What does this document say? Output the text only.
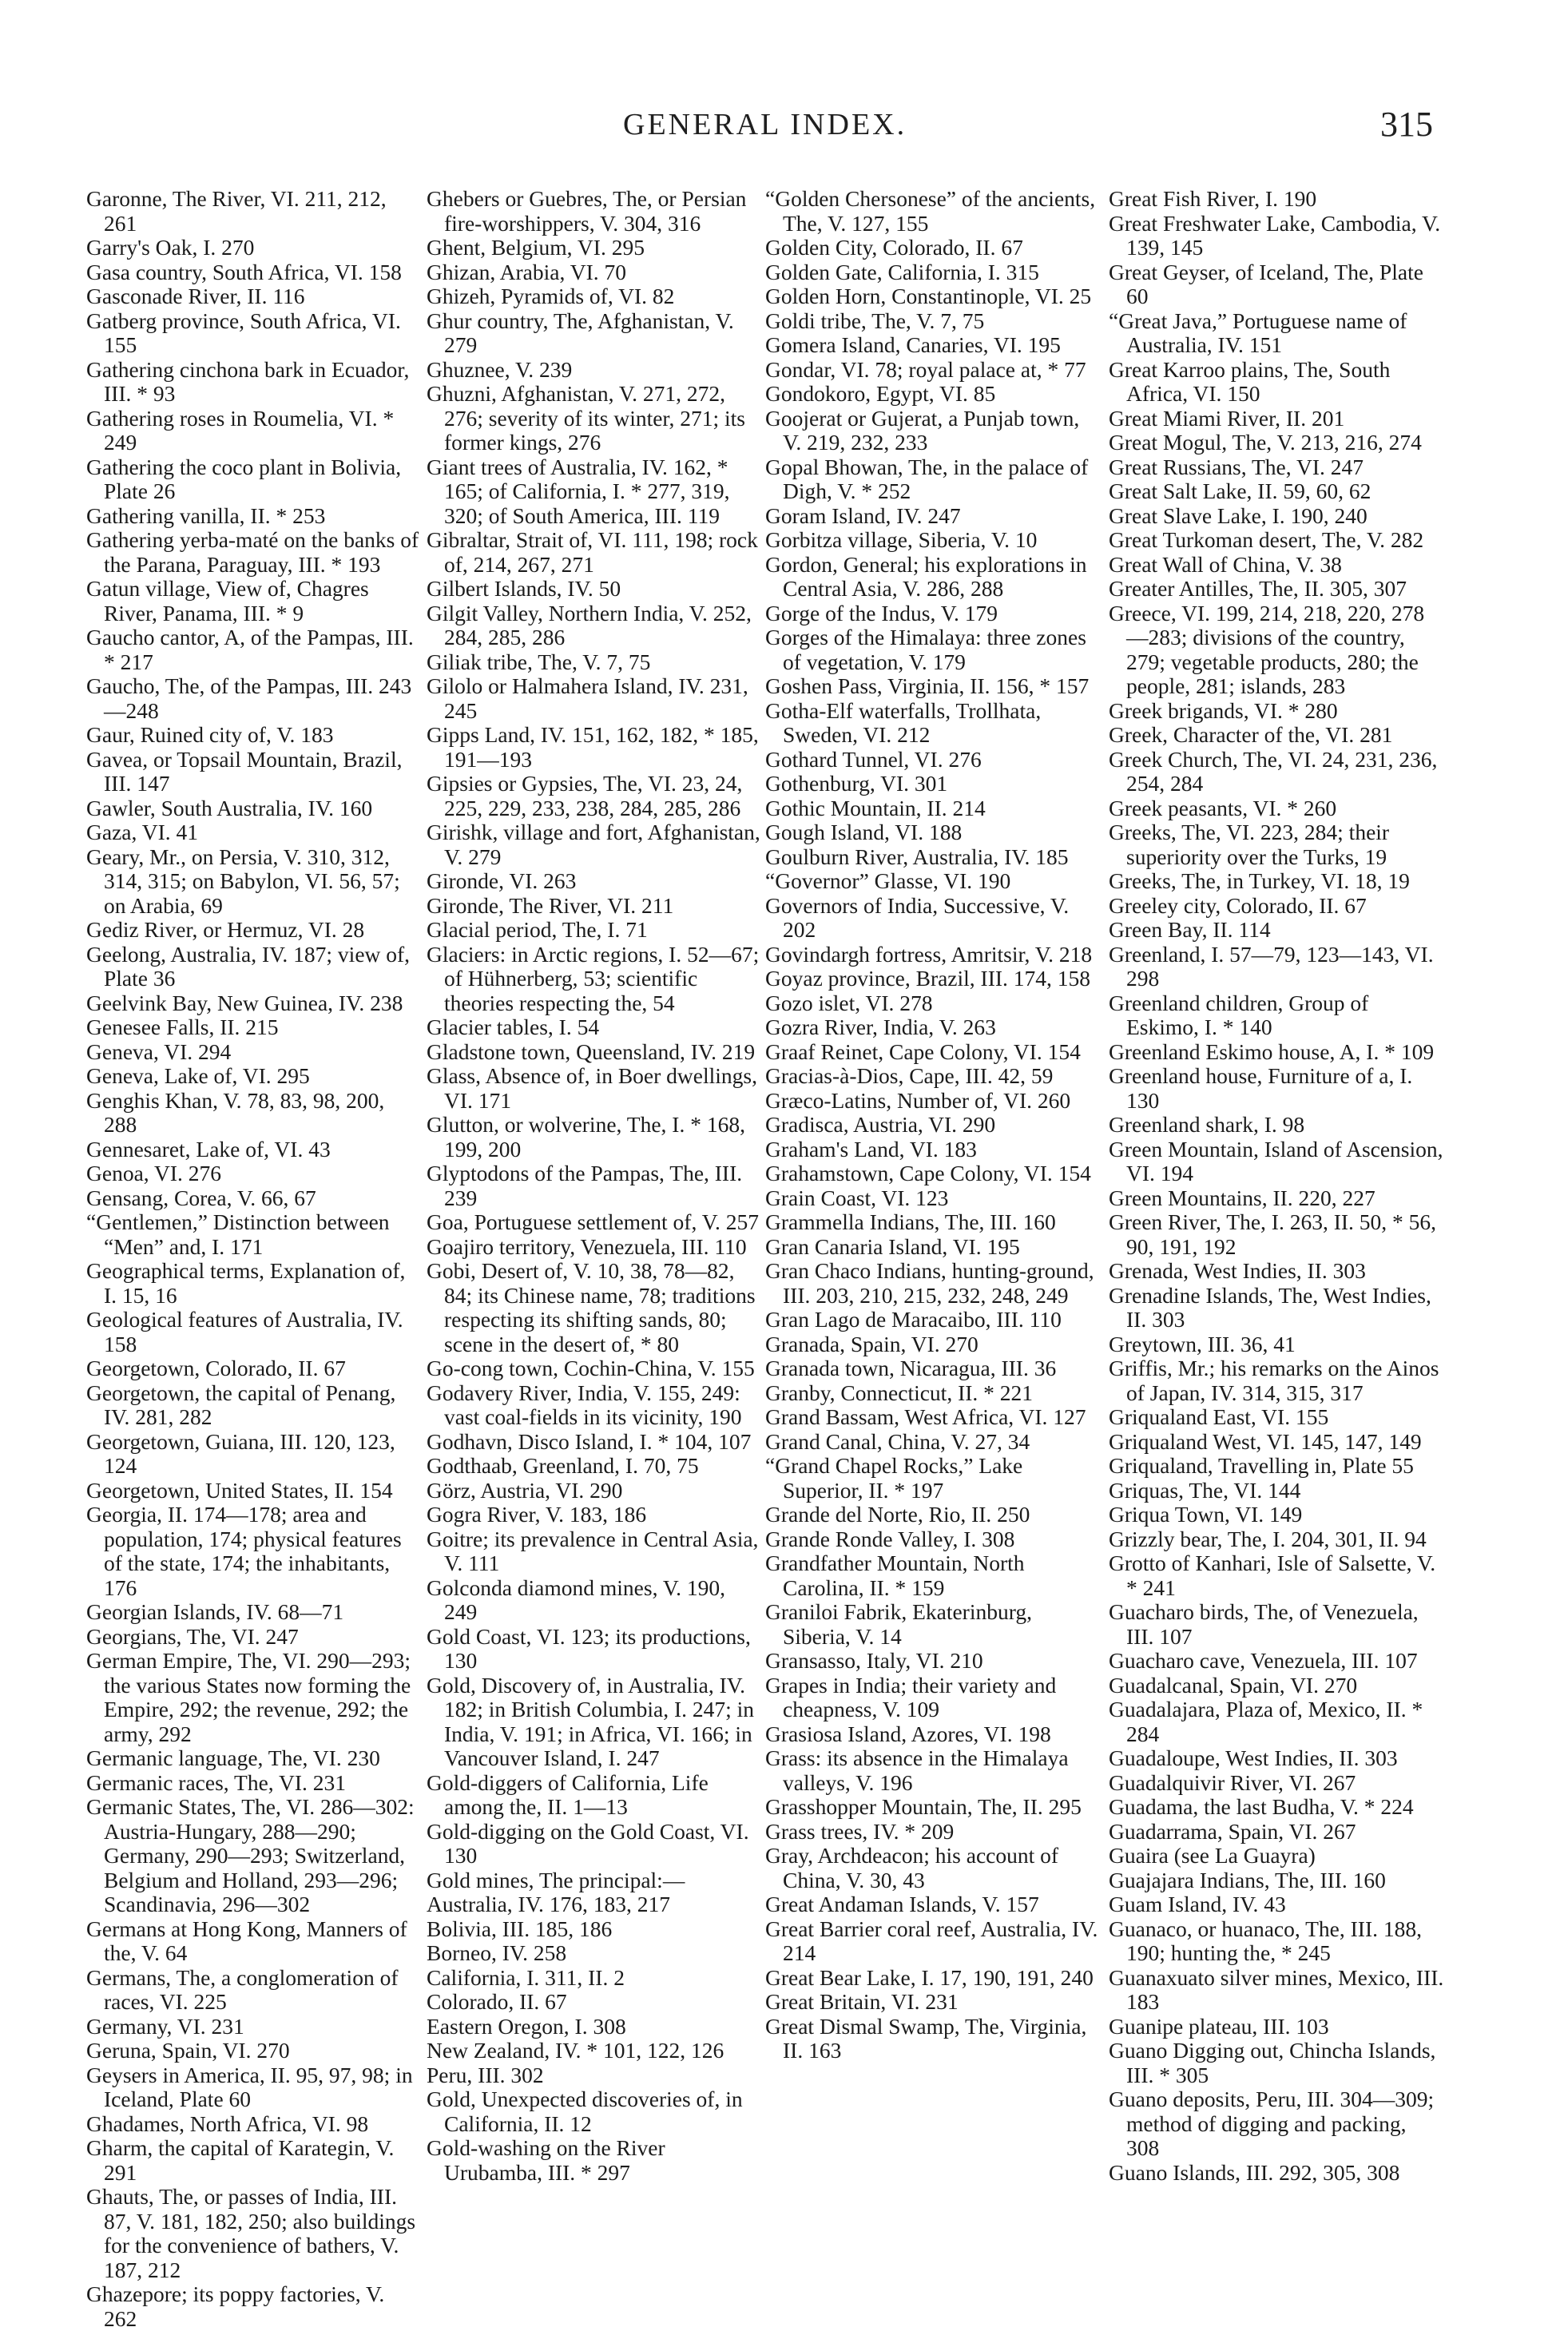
GENERAL INDEX.	315

Garonne, The River, VI. 211, 212, 261

Garry's Oak, I. 270

Gasa country, South Africa, VI. 158

Gasconade River, II. 116

Gatberg province, South Africa, VI. 155

Gathering cinchona bark in Ecuador, III. * 93

Gathering roses in Roumelia, VI. * 249

Gathering the coco plant in Bolivia, Plate 26

Gathering vanilla, II. * 253

Gathering yerba-maté on the banks of the Parana, Paraguay, III. * 193

Gatun village, View of, Chagres River, Panama, III. * 9

Gaucho cantor, A, of the Pampas, III. * 217

Gaucho, The, of the Pampas, III. 243—248

Gaur, Ruined city of, V. 183

Gavea, or Topsail Mountain, Brazil, III. 147

Gawler, South Australia, IV. 160

Gaza, VI. 41

Geary, Mr., on Persia, V. 310, 312, 314, 315; on Babylon, VI. 56, 57; on Arabia, 69

Gediz River, or Hermuz, VI. 28

Geelong, Australia, IV. 187; view of, Plate 36

Geelvink Bay, New Guinea, IV. 238

Genesee Falls, II. 215

Geneva, VI. 294

Geneva, Lake of, VI. 295

Genghis Khan, V. 78, 83, 98, 200, 288

Gennesaret, Lake of, VI. 43

Genoa, VI. 276

Gensang, Corea, V. 66, 67

“Gentlemen,” Distinction between “Men” and, I. 171

Geographical terms, Explanation of, I. 15, 16

Geological features of Australia, IV. 158

Georgetown, Colorado, II. 67

Georgetown, the capital of Penang, IV. 281, 282

Georgetown, Guiana, III. 120, 123, 124

Georgetown, United States, II. 154

Georgia, II. 174—178; area and population, 174; physical features of the state, 174; the inhabitants, 176

Georgian Islands, IV. 68—71

Georgians, The, VI. 247

German Empire, The, VI. 290—293; the various States now forming the Empire, 292; the revenue, 292; the army, 292

Germanic language, The, VI. 230

Germanic races, The, VI. 231

Germanic States, The, VI. 286—302: Austria-Hungary, 288—290; Germany, 290—293; Switzerland, Belgium and Holland, 293—296; Scandinavia, 296—302

Germans at Hong Kong, Manners of the, V. 64

Germans, The, a conglomeration of races, VI. 225

Germany, VI. 231

Geruna, Spain, VI. 270

Geysers in America, II. 95, 97, 98; in Iceland, Plate 60

Ghadames, North Africa, VI. 98

Gharm, the capital of Karategin, V. 291

Ghauts, The, or passes of India, III. 87, V. 181, 182, 250; also buildings for the convenience of bathers, V. 187, 212

Ghazepore; its poppy factories, V. 262

Ghebers or Guebres, The, or Persian fire-worshippers, V. 304, 316

Ghent, Belgium, VI. 295

Ghizan, Arabia, VI. 70

Ghizeh, Pyramids of, VI. 82

Ghur country, The, Afghanistan, V. 279

Ghuznee, V. 239

Ghuzni, Afghanistan, V. 271, 272, 276; severity of its winter, 271; its former kings, 276

Giant trees of Australia, IV. 162, * 165; of California, I. * 277, 319, 320; of South America, III. 119

Gibraltar, Strait of, VI. 111, 198; rock of, 214, 267, 271

Gilbert Islands, IV. 50

Gilgit Valley, Northern India, V. 252, 284, 285, 286

Giliak tribe, The, V. 7, 75

Gilolo or Halmahera Island, IV. 231, 245

Gipps Land, IV. 151, 162, 182, * 185, 191—193

Gipsies or Gypsies, The, VI. 23, 24, 225, 229, 233, 238, 284, 285, 286

Girishk, village and fort, Afghanistan, V. 279

Gironde, VI. 263

Gironde, The River, VI. 211

Glacial period, The, I. 71

Glaciers: in Arctic regions, I. 52—67; of Hühnerberg, 53; scientific theories respecting the, 54

Glacier tables, I. 54

Gladstone town, Queensland, IV. 219

Glass, Absence of, in Boer dwellings, VI. 171

Glutton, or wolverine, The, I. * 168, 199, 200

Glyptodons of the Pampas, The, III. 239

Goa, Portuguese settlement of, V. 257

Goajiro territory, Venezuela, III. 110

Gobi, Desert of, V. 10, 38, 78—82, 84; its Chinese name, 78; traditions respecting its shifting sands, 80; scene in the desert of, * 80

Go-cong town, Cochin-China, V. 155

Godavery River, India, V. 155, 249: vast coal-fields in its vicinity, 190

Godhavn, Disco Island, I. * 104, 107

Godthaab, Greenland, I. 70, 75

Görz, Austria, VI. 290

Gogra River, V. 183, 186

Goitre; its prevalence in Central Asia, V. 111

Golconda diamond mines, V. 190, 249

Gold Coast, VI. 123; its productions, 130

Gold, Discovery of, in Australia, IV. 182; in British Columbia, I. 247; in India, V. 191; in Africa, VI. 166; in Vancouver Island, I. 247

Gold-diggers of California, Life among the, II. 1—13

Gold-digging on the Gold Coast, VI. 130

Gold mines, The principal:—

Australia, IV. 176, 183, 217

Bolivia, III. 185, 186

Borneo, IV. 258

California, I. 311, II. 2

Colorado, II. 67

Eastern Oregon, I. 308

New Zealand, IV. * 101, 122, 126

Peru, III. 302

Gold, Unexpected discoveries of, in California, II. 12

Gold-washing on the River Urubamba, III. * 297

“Golden Chersonese” of the ancients, The, V. 127, 155

Golden City, Colorado, II. 67

Golden Gate, California, I. 315

Golden Horn, Constantinople, VI. 25

Goldi tribe, The, V. 7, 75

Gomera Island, Canaries, VI. 195

Gondar, VI. 78; royal palace at, * 77

Gondokoro, Egypt, VI. 85

Goojerat or Gujerat, a Punjab town, V. 219, 232, 233

Gopal Bhowan, The, in the palace of Digh, V. * 252

Goram Island, IV. 247

Gorbitza village, Siberia, V. 10

Gordon, General; his explorations in Central Asia, V. 286, 288

Gorge of the Indus, V. 179

Gorges of the Himalaya: three zones of vegetation, V. 179

Goshen Pass, Virginia, II. 156, * 157

Gotha-Elf waterfalls, Trollhata, Sweden, VI. 212

Gothard Tunnel, VI. 276

Gothenburg, VI. 301

Gothic Mountain, II. 214

Gough Island, VI. 188

Goulburn River, Australia, IV. 185

“Governor” Glasse, VI. 190

Governors of India, Successive, V. 202

Govindargh fortress, Amritsir, V. 218

Goyaz province, Brazil, III. 174, 158

Gozo islet, VI. 278

Gozra River, India, V. 263

Graaf Reinet, Cape Colony, VI. 154

Gracias-à-Dios, Cape, III. 42, 59

Græco-Latins, Number of, VI. 260

Gradisca, Austria, VI. 290

Graham's Land, VI. 183

Grahamstown, Cape Colony, VI. 154

Grain Coast, VI. 123

Grammella Indians, The, III. 160

Gran Canaria Island, VI. 195

Gran Chaco Indians, hunting-ground, III. 203, 210, 215, 232, 248, 249

Gran Lago de Maracaibo, III. 110

Granada, Spain, VI. 270

Granada town, Nicaragua, III. 36

Granby, Connecticut, II. * 221

Grand Bassam, West Africa, VI. 127

Grand Canal, China, V. 27, 34

“Grand Chapel Rocks,” Lake Superior, II. * 197

Grande del Norte, Rio, II. 250

Grande Ronde Valley, I. 308

Grandfather Mountain, North Carolina, II. * 159

Graniloi Fabrik, Ekaterinburg, Siberia, V. 14

Gransasso, Italy, VI. 210

Grapes in India; their variety and cheapness, V. 109

Grasiosa Island, Azores, VI. 198

Grass: its absence in the Himalaya valleys, V. 196

Grasshopper Mountain, The, II. 295

Grass trees, IV. * 209

Gray, Archdeacon; his account of China, V. 30, 43

Great Andaman Islands, V. 157

Great Barrier coral reef, Australia, IV. 214

Great Bear Lake, I. 17, 190, 191, 240

Great Britain, VI. 231

Great Dismal Swamp, The, Virginia, II. 163

Great Fish River, I. 190

Great Freshwater Lake, Cambodia, V. 139, 145

Great Geyser, of Iceland, The, Plate 60

“Great Java,” Portuguese name of Australia, IV. 151

Great Karroo plains, The, South Africa, VI. 150

Great Miami River, II. 201

Great Mogul, The, V. 213, 216, 274

Great Russians, The, VI. 247

Great Salt Lake, II. 59, 60, 62

Great Slave Lake, I. 190, 240

Great Turkoman desert, The, V. 282

Great Wall of China, V. 38

Greater Antilles, The, II. 305, 307

Greece, VI. 199, 214, 218, 220, 278—283; divisions of the country, 279; vegetable products, 280; the people, 281; islands, 283

Greek brigands, VI. * 280

Greek, Character of the, VI. 281

Greek Church, The, VI. 24, 231, 236, 254, 284

Greek peasants, VI. * 260

Greeks, The, VI. 223, 284; their superiority over the Turks, 19

Greeks, The, in Turkey, VI. 18, 19

Greeley city, Colorado, II. 67

Green Bay, II. 114

Greenland, I. 57—79, 123—143, VI. 298

Greenland children, Group of Eskimo, I. * 140

Greenland Eskimo house, A, I. * 109

Greenland house, Furniture of a, I. 130

Greenland shark, I. 98

Green Mountain, Island of Ascension, VI. 194

Green Mountains, II. 220, 227

Green River, The, I. 263, II. 50, * 56, 90, 191, 192

Grenada, West Indies, II. 303

Grenadine Islands, The, West Indies, II. 303

Greytown, III. 36, 41

Griffis, Mr.; his remarks on the Ainos of Japan, IV. 314, 315, 317

Griqualand East, VI. 155

Griqualand West, VI. 145, 147, 149

Griqualand, Travelling in, Plate 55

Griquas, The, VI. 144

Griqua Town, VI. 149

Grizzly bear, The, I. 204, 301, II. 94

Grotto of Kanhari, Isle of Salsette, V. * 241

Guacharo birds, The, of Venezuela, III. 107

Guacharo cave, Venezuela, III. 107

Guadalcanal, Spain, VI. 270

Guadalajara, Plaza of, Mexico, II. * 284

Guadaloupe, West Indies, II. 303

Guadalquivir River, VI. 267

Guadama, the last Budha, V. * 224

Guadarrama, Spain, VI. 267

Guaira (see La Guayra)

Guajajara Indians, The, III. 160

Guam Island, IV. 43

Guanaco, or huanaco, The, III. 188, 190; hunting the, * 245

Guanaxuato silver mines, Mexico, III. 183

Guanipe plateau, III. 103

Guano Digging out, Chincha Islands, III. * 305

Guano deposits, Peru, III. 304—309; method of digging and packing, 308

Guano Islands, III. 292, 305, 308
